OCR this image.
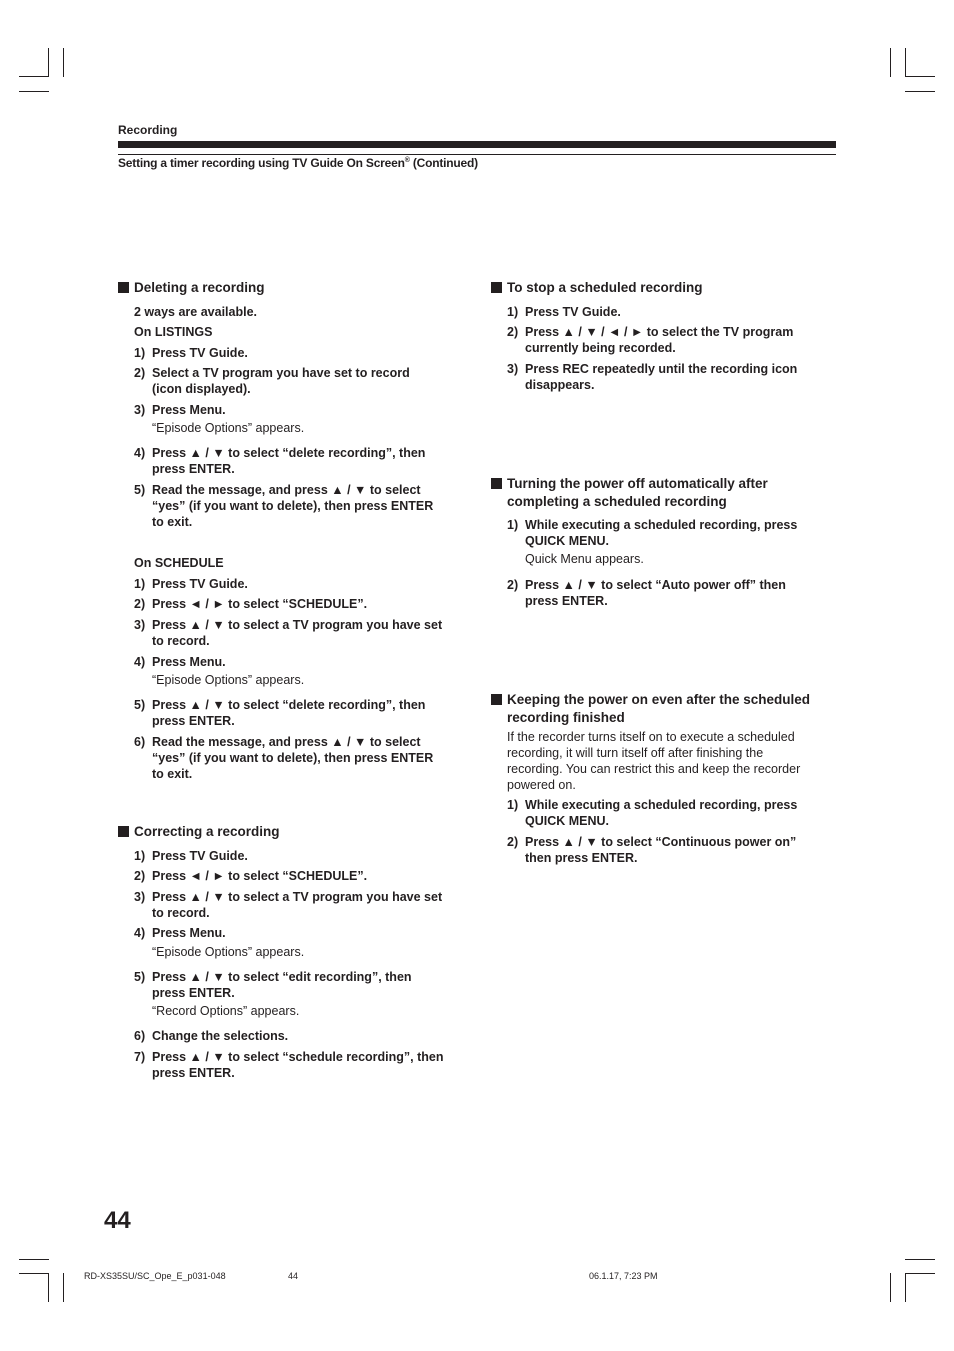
Recording
Setting a timer recording using TV Guide On Screen® (Continued)
Deleting a recording
2 ways are available.
On LISTINGS
1) Press TV Guide.
2) Select a TV program you have set to record
(icon displayed).
3) Press Menu.
“Episode Options” appears.
4) Press ▲ / ▼ to select “delete recording”, then
press ENTER.
5) Read the message, and press ▲ / ▼ to select
“yes” (if you want to delete), then press ENTER
to exit.
On SCHEDULE
1) Press TV Guide.
2) Press ◄ / ► to select “SCHEDULE”.
3) Press ▲ / ▼ to select a TV program you have set
to record.
4) Press Menu.
“Episode Options” appears.
5) Press ▲ / ▼ to select “delete recording”, then
press ENTER.
6) Read the message, and press ▲ / ▼ to select
“yes” (if you want to delete), then press ENTER
to exit.
Correcting a recording
1) Press TV Guide.
2) Press ◄ / ► to select “SCHEDULE”.
3) Press ▲ / ▼ to select a TV program you have set
to record.
4) Press Menu.
“Episode Options” appears.
5) Press ▲ / ▼ to select “edit recording”, then
press ENTER.
“Record Options” appears.
6) Change the selections.
7) Press ▲ / ▼ to select “schedule recording”, then
press ENTER.
To stop a scheduled recording
1) Press TV Guide.
2) Press ▲ / ▼ / ◄ / ► to select the TV program
currently being recorded.
3) Press REC repeatedly until the recording icon
disappears.
Turning the power off automatically after
completing a scheduled recording
1) While executing a scheduled recording, press
QUICK MENU.
Quick Menu appears.
2) Press ▲ / ▼ to select “Auto power off” then
press ENTER.
Keeping the power on even after the scheduled
recording finished
If the recorder turns itself on to execute a scheduled
recording, it will turn itself off after finishing the
recording. You can restrict this and keep the recorder
powered on.
1) While executing a scheduled recording, press
QUICK MENU.
2) Press ▲ / ▼ to select “Continuous power on”
then press ENTER.
44
RD-XS35SU/SC_Ope_E_p031-048	44	06.1.17, 7:23 PM
